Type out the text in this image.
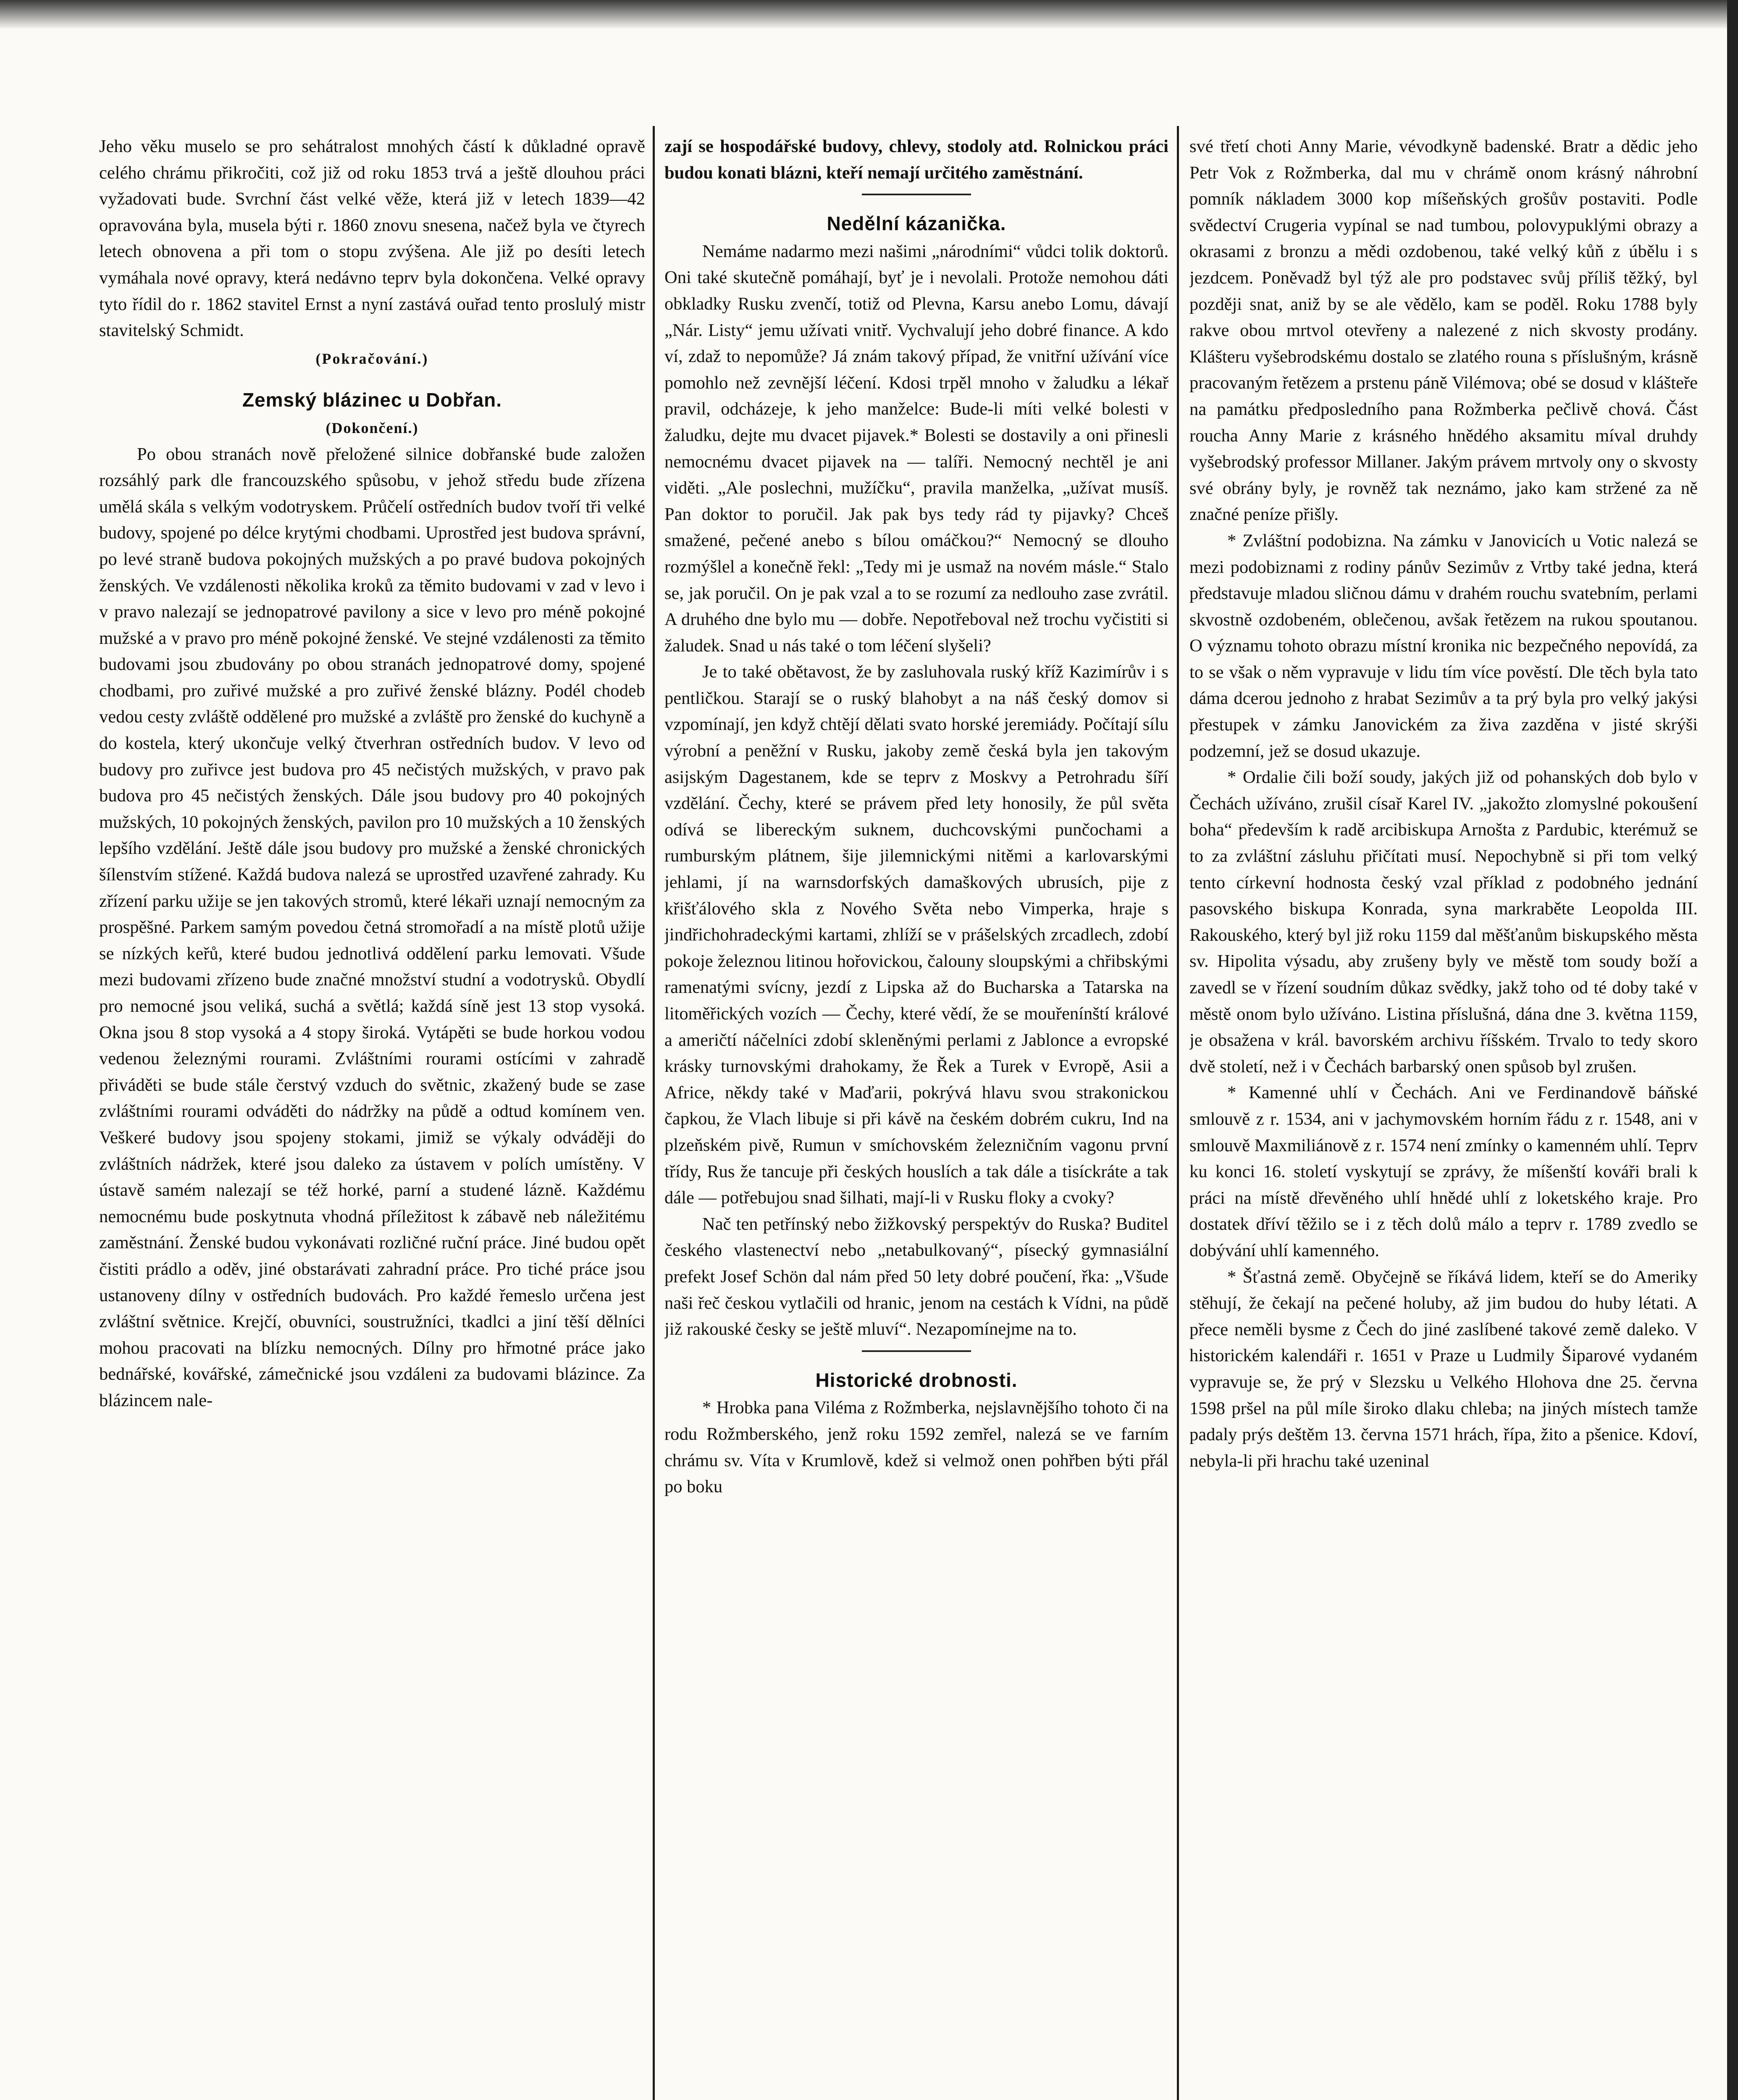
Jeho věku muselo se pro sehátralost mnohých částí k důkladné opravě celého chrámu přikročiti, což již od roku 1853 trvá a ještě dlouhou práci vyžadovati bude. Svrchní část velké věže, která již v letech 1839—42 opravována byla, musela býti r. 1860 znovu snesena, načež byla ve čtyrech letech obnovena a při tom o stopu zvýšena. Ale již po desíti letech vymáhala nové opravy, která nedávno teprv byla dokončena. Velké opravy tyto řídil do r. 1862 stavitel Ernst a nyní zastává ouřad tento proslulý mistr stavitelský Schmidt.

(Pokračování.)

Zemský blázinec u Dobřan.

(Dokončení.)

Po obou stranách nově přeložené silnice dobřanské bude založen rozsáhlý park dle francouzského spůsobu, v jehož středu bude zřízena umělá skála s velkým vodotryskem. Průčelí ostředních budov tvoří tři velké budovy, spojené po délce krytými chodbami. Uprostřed jest budova správní, po levé straně budova pokojných mužských a po pravé budova pokojných ženských. Ve vzdálenosti několika kroků za těmito budovami v zad v levo i v pravo nalezají se jednopatrové pavilony a sice v levo pro méně pokojné mužské a v pravo pro méně pokojné ženské. Ve stejné vzdálenosti za těmito budovami jsou zbudovány po obou stranách jednopatrové domy, spojené chodbami, pro zuřivé mužské a pro zuřivé ženské blázny. Podél chodeb vedou cesty zvláště oddělené pro mužské a zvláště pro ženské do kuchyně a do kostela, který ukončuje velký čtverhran ostředních budov. V levo od budovy pro zuřivce jest budova pro 45 nečistých mužských, v pravo pak budova pro 45 nečistých ženských. Dále jsou budovy pro 40 pokojných mužských, 10 pokojných ženských, pavilon pro 10 mužských a 10 ženských lepšího vzdělání. Ještě dále jsou budovy pro mužské a ženské chronických šílenstvím stížené. Každá budova nalezá se uprostřed uzavřené zahrady. Ku zřízení parku užije se jen takových stromů, které lékaři uznají nemocným za prospěšné. Parkem samým povedou četná stromořadí a na místě plotů užije se nízkých keřů, které budou jednotlivá oddělení parku lemovati. Všude mezi budovami zřízeno bude značné množství studní a vodotrysků. Obydlí pro nemocné jsou veliká, suchá a světlá; každá síně jest 13 stop vysoká. Okna jsou 8 stop vysoká a 4 stopy široká. Vytápěti se bude horkou vodou vedenou železnými rourami. Zvláštními rourami ostícími v zahradě přiváděti se bude stále čerstvý vzduch do světnic, zkažený bude se zase zvláštními rourami odváděti do nádržky na půdě a odtud komínem ven. Veškeré budovy jsou spojeny stokami, jimiž se výkaly odváději do zvláštních nádržek, které jsou daleko za ústavem v polích umístěny. V ústavě samém nalezají se též horké, parní a studené lázně. Každému nemocnému bude poskytnuta vhodná příležitost k zábavě neb náležitému zaměstnání. Ženské budou vykonávati rozličné ruční práce. Jiné budou opět čistiti prádlo a oděv, jiné obstarávati zahradní práce. Pro tiché práce jsou ustanoveny dílny v ostředních budovách. Pro každé řemeslo určena jest zvláštní světnice. Krejčí, obuvníci, soustružníci, tkadlci a jiní těší dělníci mohou pracovati na blízku nemocných. Dílny pro hřmotné práce jako bednářské, kovářské, zámečnické jsou vzdáleni za budovami blázince. Za blázincem nale-

zají se hospodářské budovy, chlevy, stodoly atd. Rolnickou práci budou konati blázni, kteří nemají určitého zaměstnání.

Nedělní kázanička.

Nemáme nadarmo mezi našimi „národními“ vůdci tolik doktorů. Oni také skutečně pomáhají, byť je i nevolali. Protože nemohou dáti obkladky Rusku zvenčí, totiž od Plevna, Karsu anebo Lomu, dávají „Nár. Listy“ jemu užívati vnitř. Vychvalují jeho dobré finance. A kdo ví, zdaž to nepomůže? Já znám takový případ, že vnitřní užívání více pomohlo než zevnější léčení. Kdosi trpěl mnoho v žaludku a lékař pravil, odcházeje, k jeho manželce: Bude-li míti velké bolesti v žaludku, dejte mu dvacet pijavek.* Bolesti se dostavily a oni přinesli nemocnému dvacet pijavek na — talíři. Nemocný nechtěl je ani viděti. „Ale poslechni, mužíčku“, pravila manželka, „užívat musíš. Pan doktor to poručil. Jak pak bys tedy rád ty pijavky? Chceš smažené, pečené anebo s bílou omáčkou?“ Nemocný se dlouho rozmýšlel a konečně řekl: „Tedy mi je usmaž na novém másle.“ Stalo se, jak poručil. On je pak vzal a to se rozumí za nedlouho zase zvrátil. A druhého dne bylo mu — dobře. Nepotřeboval než trochu vyčistiti si žaludek. Snad u nás také o tom léčení slyšeli?

Je to také obětavost, že by zasluhovala ruský kříž Kazimírův i s pentličkou. Starají se o ruský blahobyt a na náš český domov si vzpomínají, jen když chtějí dělati svato horské jeremiády. Počítají sílu výrobní a peněžní v Rusku, jakoby země česká byla jen takovým asijským Dagestanem, kde se teprv z Moskvy a Petrohradu šíří vzdělání. Čechy, které se právem před lety honosily, že půl světa odívá se libereckým suknem, duchcovskými punčochami a rumburským plátnem, šije jilemnickými nitěmi a karlovarskými jehlami, jí na warnsdorfských damaškových ubrusích, pije z křišťálového skla z Nového Světa nebo Vimperka, hraje s jindřichohradeckými kartami, zhlíží se v prášelských zrcadlech, zdobí pokoje železnou litinou hořovickou, čalouny sloupskými a chřibskými ramenatými svícny, jezdí z Lipska až do Bucharska a Tatarska na litoměřických vozích — Čechy, které vědí, že se mouřenínští králové a američtí náčelníci zdobí skleněnými perlami z Jablonce a evropské krásky turnovskými drahokamy, že Řek a Turek v Evropě, Asii a Africe, někdy také v Maďarii, pokrývá hlavu svou strakonickou čapkou, že Vlach libuje si při kávě na českém dobrém cukru, Ind na plzeňském pivě, Rumun v smíchovském železničním vagonu první třídy, Rus že tancuje při českých houslích a tak dále a tisíckráte a tak dále — potřebujou snad šilhati, mají-li v Rusku floky a cvoky?

Nač ten petřínský nebo žižkovský perspektýv do Ruska? Buditel českého vlastenectví nebo „netabulkovaný“, písecký gymnasiální prefekt Josef Schön dal nám před 50 lety dobré poučení, řka: „Všude naši řeč českou vytlačili od hranic, jenom na cestách k Vídni, na půdě již rakouské česky se ještě mluví“. Nezapomínejme na to.

Historické drobnosti.

* Hrobka pana Viléma z Rožmberka, nejslavnějšího tohoto či na rodu Rožmberského, jenž roku 1592 zemřel, nalezá se ve farním chrámu sv. Víta v Krumlově, kdež si velmož onen pohřben býti přál po boku

své třetí choti Anny Marie, vévodkyně badenské. Bratr a dědic jeho Petr Vok z Rožmberka, dal mu v chrámě onom krásný náhrobní pomník nákladem 3000 kop míšeňských grošův postaviti. Podle svědectví Crugeria vypínal se nad tumbou, polovypuklými obrazy a okrasami z bronzu a mědi ozdobenou, také velký kůň z úbělu i s jezdcem. Poněvadž byl týž ale pro podstavec svůj příliš těžký, byl později snat, aniž by se ale vědělo, kam se poděl. Roku 1788 byly rakve obou mrtvol otevřeny a nalezené z nich skvosty prodány. Klášteru vyšebrodskému dostalo se zlatého rouna s příslušným, krásně pracovaným řetězem a prstenu páně Vilémova; obé se dosud v klášteře na památku předposledního pana Rožmberka pečlivě chová. Část roucha Anny Marie z krásného hnědého aksamitu míval druhdy vyšebrodský professor Millaner. Jakým právem mrtvoly ony o skvosty své obrány byly, je rovněž tak neznámo, jako kam stržené za ně značné peníze přišly.

* Zvláštní podobizna. Na zámku v Janovicích u Votic nalezá se mezi podobiznami z rodiny pánův Sezimův z Vrtby také jedna, která představuje mladou sličnou dámu v drahém rouchu svatebním, perlami skvostně ozdobeném, oblečenou, avšak řetězem na rukou spoutanou. O významu tohoto obrazu místní kronika nic bezpečného nepovídá, za to se však o něm vypravuje v lidu tím více pověstí. Dle těch byla tato dáma dcerou jednoho z hrabat Sezimův a ta prý byla pro velký jakýsi přestupek v zámku Janovickém za živa zazděna v jisté skrýši podzemní, jež se dosud ukazuje.

* Ordalie čili boží soudy, jakých již od pohanských dob bylo v Čechách užíváno, zrušil císař Karel IV. „jakožto zlomyslné pokoušení boha“ především k radě arcibiskupa Arnošta z Pardubic, kterémuž se to za zvláštní zásluhu přičítati musí. Nepochybně si při tom velký tento církevní hodnosta český vzal příklad z podobného jednání pasovského biskupa Konrada, syna markraběte Leopolda III. Rakouského, který byl již roku 1159 dal měšťanům biskupského města sv. Hipolita výsadu, aby zrušeny byly ve městě tom soudy boží a zavedl se v řízení soudním důkaz svědky, jakž toho od té doby také v městě onom bylo užíváno. Listina příslušná, dána dne 3. května 1159, je obsažena v král. bavorském archivu říšském. Trvalo to tedy skoro dvě století, než i v Čechách barbarský onen spůsob byl zrušen.

* Kamenné uhlí v Čechách. Ani ve Ferdinandově báňské smlouvě z r. 1534, ani v jachymovském horním řádu z r. 1548, ani v smlouvě Maxmiliánově z r. 1574 není zmínky o kamenném uhlí. Teprv ku konci 16. století vyskytují se zprávy, že míšenští kováři brali k práci na místě dřevěného uhlí hnědé uhlí z loketského kraje. Pro dostatek dříví těžilo se i z těch dolů málo a teprv r. 1789 zvedlo se dobývání uhlí kamenného.

* Šťastná země. Obyčejně se říkává lidem, kteří se do Ameriky stěhují, že čekají na pečené holuby, až jim budou do huby létati. A přece neměli bysme z Čech do jiné zaslíbené takové země daleko. V historickém kalendáři r. 1651 v Praze u Ludmily Šiparové vydaném vypravuje se, že prý v Slezsku u Velkého Hlohova dne 25. června 1598 pršel na půl míle široko dlaku chleba; na jiných místech tamže padaly prýs deštěm 13. června 1571 hrách, řípa, žito a pšenice. Kdoví, nebyla-li při hrachu také uzeninal
